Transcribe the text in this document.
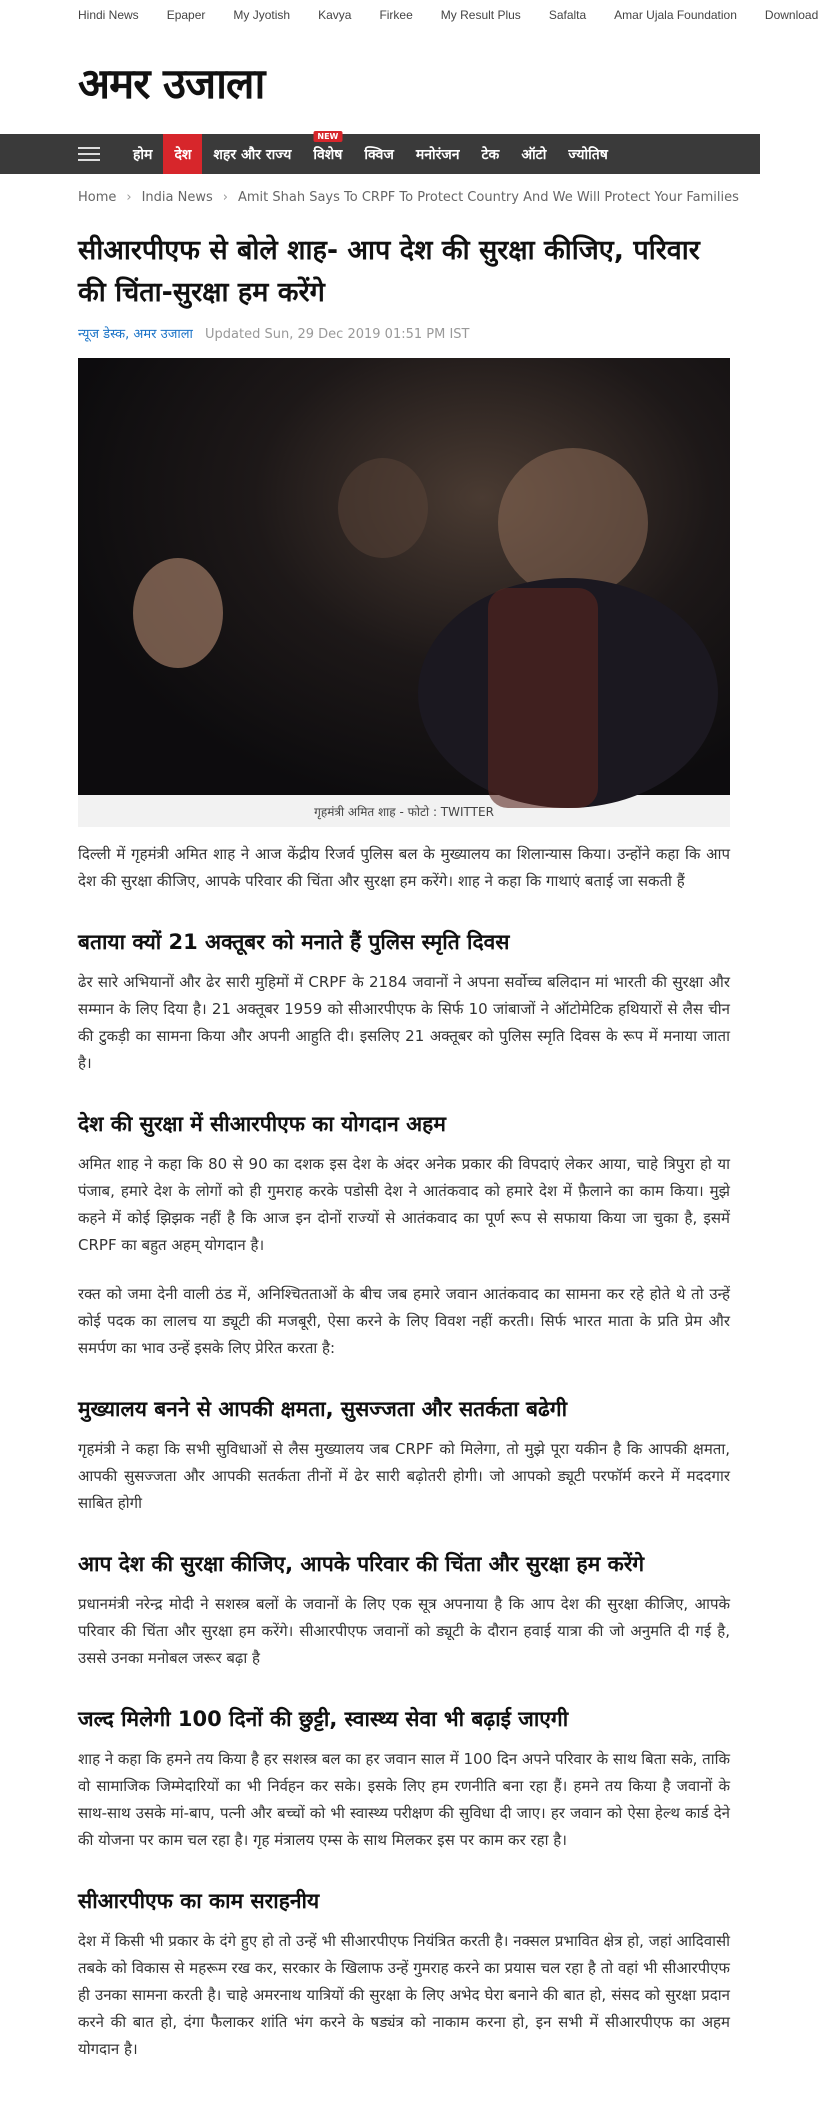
Hindi News Epaper My Jyotish Kavya Firkee My Result Plus Safalta Amar Ujala Foundation Download
अमर उजाला
होम	देश	शहर और राज्य
NEW
विशेष	क्विज	मनोरंजन	टेक	ऑटो	ज्योतिष
Home › India News › Amit Shah Says To CRPF To Protect Country And We Will Protect Your Families
सीआरपीएफ से बोले शाह- आप देश की सुरक्षा कीजिए, परिवार की चिंता-सुरक्षा हम करेंगे
न्यूज डेस्क, अमर उजाला Updated Sun, 29 Dec 2019 01:51 PM IST
गृहमंत्री अमित शाह - फोटो : TWITTER

दिल्ली में गृहमंत्री अमित शाह ने आज केंद्रीय रिजर्व पुलिस बल के मुख्यालय का शिलान्यास किया। उन्होंने कहा कि आप देश की सुरक्षा कीजिए, आपके परिवार की चिंता और सुरक्षा हम करेंगे। शाह ने कहा कि गाथाएं बताई जा सकती हैं

बताया क्यों 21 अक्तूबर को मनाते हैं पुलिस स्मृति दिवस

ढेर सारे अभियानों और ढेर सारी मुहिमों में CRPF के 2184 जवानों ने अपना सर्वोच्च बलिदान मां भारती की सुरक्षा और सम्मान के लिए दिया है। 21 अक्तूबर 1959 को सीआरपीएफ के सिर्फ 10 जांबाजों ने ऑटोमेटिक हथियारों से लैस चीन की टुकड़ी का सामना किया और अपनी आहुति दी। इसलिए 21 अक्तूबर को पुलिस स्मृति दिवस के रूप में मनाया जाता है।

देश की सुरक्षा में सीआरपीएफ का योगदान अहम

अमित शाह ने कहा कि 80 से 90 का दशक इस देश के अंदर अनेक प्रकार की विपदाएं लेकर आया, चाहे त्रिपुरा हो या पंजाब, हमारे देश के लोगों को ही गुमराह करके पडोसी देश ने आतंकवाद को हमारे देश में फ़ैलाने का काम किया। मुझे कहने में कोई झिझक नहीं है कि आज इन दोनों राज्यों से आतंकवाद का पूर्ण रूप से सफाया किया जा चुका है, इसमें CRPF का बहुत अहम् योगदान है।

रक्त को जमा देनी वाली ठंड में, अनिश्चितताओं के बीच जब हमारे जवान आतंकवाद का सामना कर रहे होते थे तो उन्हें कोई पदक का लालच या ड्यूटी की मजबूरी, ऐसा करने के लिए विवश नहीं करती। सिर्फ भारत माता के प्रति प्रेम और समर्पण का भाव उन्हें इसके लिए प्रेरित करता है:

मुख्यालय बनने से आपकी क्षमता, सुसज्जता और सतर्कता बढेगी

गृहमंत्री ने कहा कि सभी सुविधाओं से लैस मुख्यालय जब CRPF को मिलेगा, तो मुझे पूरा यकीन है कि आपकी क्षमता, आपकी सुसज्जता और आपकी सतर्कता तीनों में ढेर सारी बढ़ोतरी होगी। जो आपको ड्यूटी परफॉर्म करने में मददगार साबित होगी

आप देश की सुरक्षा कीजिए, आपके परिवार की चिंता और सुरक्षा हम करेंगे

प्रधानमंत्री नरेन्द्र मोदी ने सशस्त्र बलों के जवानों के लिए एक सूत्र अपनाया है कि आप देश की सुरक्षा कीजिए, आपके परिवार की चिंता और सुरक्षा हम करेंगे। सीआरपीएफ जवानों को ड्यूटी के दौरान हवाई यात्रा की जो अनुमति दी गई है, उससे उनका मनोबल जरूर बढ़ा है

जल्द मिलेगी 100 दिनों की छुट्टी, स्वास्थ्य सेवा भी बढ़ाई जाएगी

शाह ने कहा कि हमने तय किया है हर सशस्त्र बल का हर जवान साल में 100 दिन अपने परिवार के साथ बिता सके, ताकि वो सामाजिक जिम्मेदारियों का भी निर्वहन कर सके। इसके लिए हम रणनीति बना रहा हैं। हमने तय किया है जवानों के साथ-साथ उसके मां-बाप, पत्नी और बच्चों को भी स्वास्थ्य परीक्षण की सुविधा दी जाए। हर जवान को ऐसा हेल्थ कार्ड देने की योजना पर काम चल रहा है। गृह मंत्रालय एम्स के साथ मिलकर इस पर काम कर रहा है।

सीआरपीएफ का काम सराहनीय

देश में किसी भी प्रकार के दंगे हुए हो तो उन्हें भी सीआरपीएफ नियंत्रित करती है। नक्सल प्रभावित क्षेत्र हो, जहां आदिवासी तबके को विकास से महरूम रख कर, सरकार के खिलाफ उन्हें गुमराह करने का प्रयास चल रहा है तो वहां भी सीआरपीएफ ही उनका सामना करती है। चाहे अमरनाथ यात्रियों की सुरक्षा के लिए अभेद घेरा बनाने की बात हो, संसद को सुरक्षा प्रदान करने की बात हो, दंगा फैलाकर शांति भंग करने के षड्यंत्र को नाकाम करना हो, इन सभी में सीआरपीएफ का अहम योगदान है।
